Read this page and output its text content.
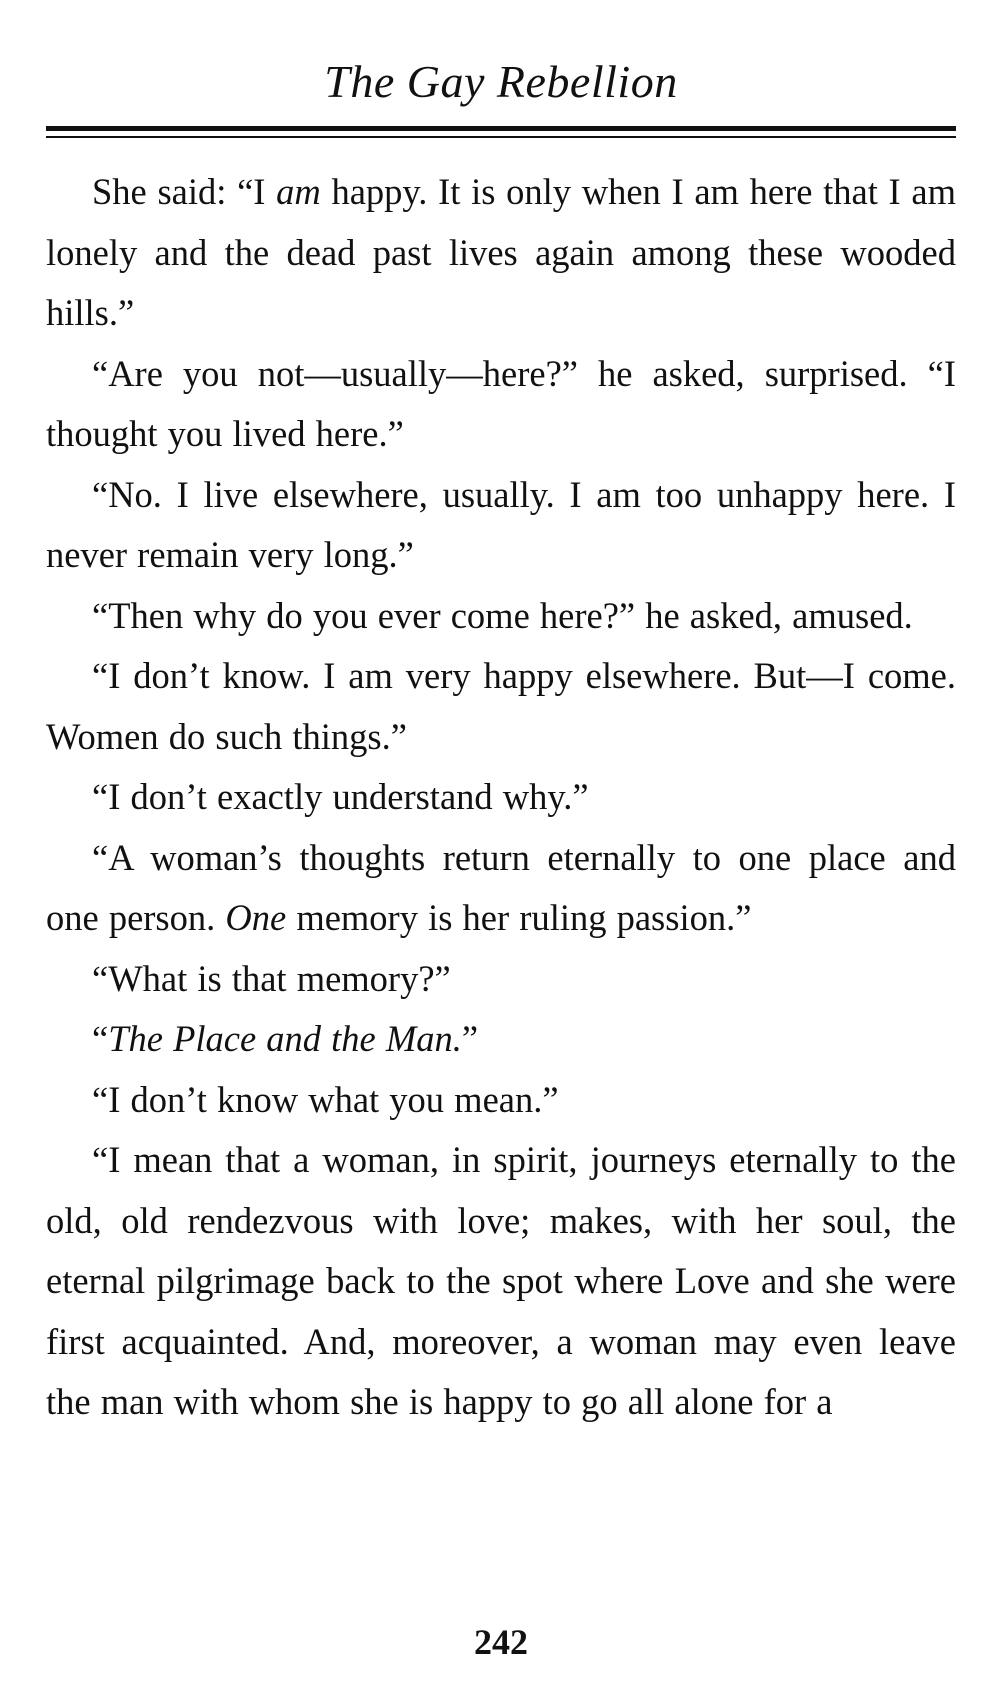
The Gay Rebellion

She said: “I am happy. It is only when I am here that I am lonely and the dead past lives again among these wooded hills.”

“Are you not—usually—here?” he asked, surprised. “I thought you lived here.”

“No. I live elsewhere, usually. I am too unhappy here. I never remain very long.”

“Then why do you ever come here?” he asked, amused.

“I don’t know. I am very happy elsewhere. But—I come. Women do such things.”

“I don’t exactly understand why.”

“A woman’s thoughts return eternally to one place and one person. One memory is her ruling passion.”

“What is that memory?”

“The Place and the Man.”

“I don’t know what you mean.”

“I mean that a woman, in spirit, journeys eternally to the old, old rendezvous with love; makes, with her soul, the eternal pilgrimage back to the spot where Love and she were first acquainted. And, moreover, a woman may even leave the man with whom she is happy to go all alone for a

242
